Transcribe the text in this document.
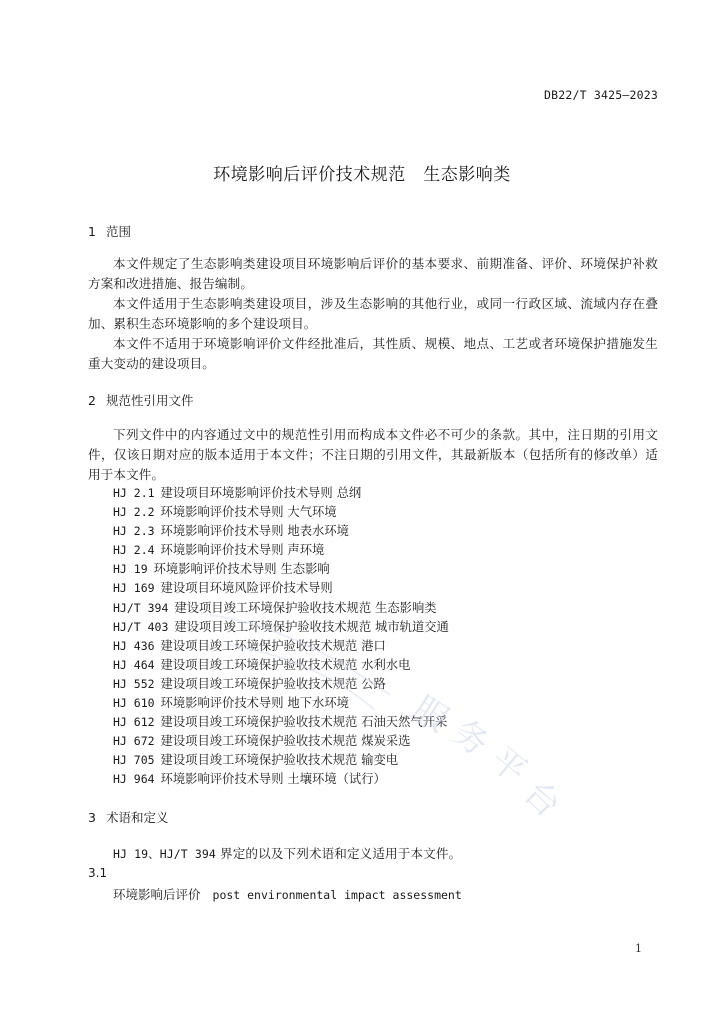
DB22/T 3425—2023
环境影响后评价技术规范　生态影响类
1 范围
本文件规定了生态影响类建设项目环境影响后评价的基本要求、前期准备、评价、环境保护补救方案和改进措施、报告编制。
本文件适用于生态影响类建设项目，涉及生态影响的其他行业，或同一行政区域、流域内存在叠加、累积生态环境影响的多个建设项目。
本文件不适用于环境影响评价文件经批准后，其性质、规模、地点、工艺或者环境保护措施发生重大变动的建设项目。
2 规范性引用文件
下列文件中的内容通过文中的规范性引用而构成本文件必不可少的条款。其中，注日期的引用文件，仅该日期对应的版本适用于本文件；不注日期的引用文件，其最新版本（包括所有的修改单）适用于本文件。
HJ 2.1 建设项目环境影响评价技术导则 总纲
HJ 2.2 环境影响评价技术导则 大气环境
HJ 2.3 环境影响评价技术导则 地表水环境
HJ 2.4 环境影响评价技术导则 声环境
HJ 19 环境影响评价技术导则 生态影响
HJ 169 建设项目环境风险评价技术导则
HJ/T 394 建设项目竣工环境保护验收技术规范 生态影响类
HJ/T 403 建设项目竣工环境保护验收技术规范 城市轨道交通
HJ 436 建设项目竣工环境保护验收技术规范 港口
HJ 464 建设项目竣工环境保护验收技术规范 水利水电
HJ 552 建设项目竣工环境保护验收技术规范 公路
HJ 610 环境影响评价技术导则 地下水环境
HJ 612 建设项目竣工环境保护验收技术规范 石油天然气开采
HJ 672 建设项目竣工环境保护验收技术规范 煤炭采选
HJ 705 建设项目竣工环境保护验收技术规范 输变电
HJ 964 环境影响评价技术导则 土壤环境（试行）
3 术语和定义
HJ 19、HJ/T 394 界定的以及下列术语和定义适用于本文件。
3.1
环境影响后评价 post environmental impact assessment
1
服
务
平
台
